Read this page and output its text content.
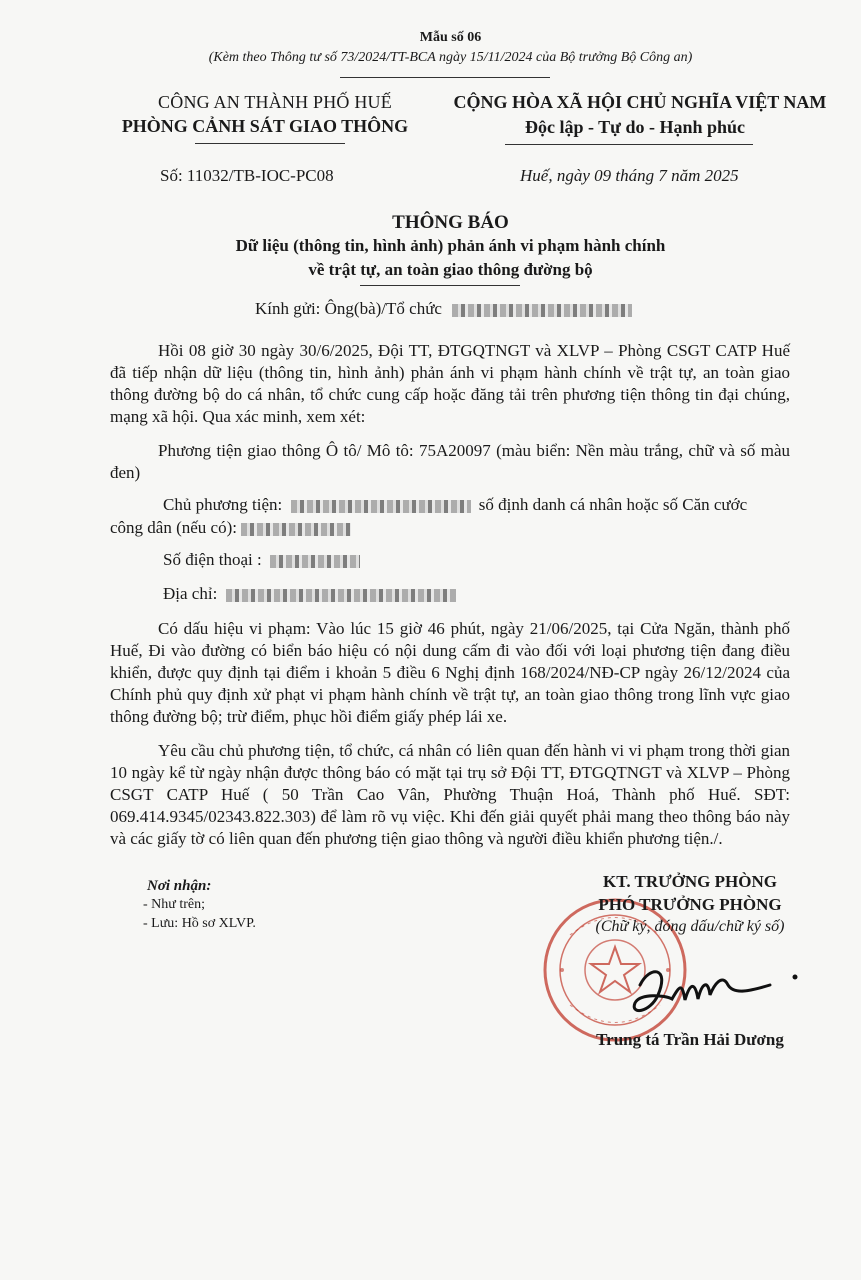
Mẫu số 06
(Kèm theo Thông tư số 73/2024/TT-BCA ngày 15/11/2024 của Bộ trưởng Bộ Công an)
CÔNG AN THÀNH PHỐ HUẾ
PHÒNG CẢNH SÁT GIAO THÔNG
CỘNG HÒA XÃ HỘI CHỦ NGHĨA VIỆT NAM
Độc lập - Tự do - Hạnh phúc
Số: 11032/TB-IOC-PC08	Huế, ngày 09 tháng 7 năm 2025
THÔNG BÁO
Dữ liệu (thông tin, hình ảnh) phản ánh vi phạm hành chính
về trật tự, an toàn giao thông đường bộ
Kính gửi: Ông(bà)/Tổ chức
Hồi 08 giờ 30 ngày 30/6/2025, Đội TT, ĐTGQTNGT và XLVP – Phòng CSGT CATP Huế đã tiếp nhận dữ liệu (thông tin, hình ảnh) phản ánh vi phạm hành chính về trật tự, an toàn giao thông đường bộ do cá nhân, tổ chức cung cấp hoặc đăng tải trên phương tiện thông tin đại chúng, mạng xã hội. Qua xác minh, xem xét:
Phương tiện giao thông Ô tô/ Mô tô: 75A20097 (màu biển: Nền màu trắng, chữ và số màu đen)
Chủ phương tiện:	số định danh cá nhân hoặc số Căn cước
công dân (nếu có):
Số điện thoại :
Địa chỉ:
Có dấu hiệu vi phạm: Vào lúc 15 giờ 46 phút, ngày 21/06/2025, tại Cửa Ngăn, thành phố Huế, Đi vào đường có biển báo hiệu có nội dung cấm đi vào đối với loại phương tiện đang điều khiển, được quy định tại điểm i khoản 5 điều 6 Nghị định 168/2024/NĐ-CP ngày 26/12/2024 của Chính phủ quy định xử phạt vi phạm hành chính về trật tự, an toàn giao thông trong lĩnh vực giao thông đường bộ; trừ điểm, phục hồi điểm giấy phép lái xe.
Yêu cầu chủ phương tiện, tổ chức, cá nhân có liên quan đến hành vi vi phạm trong thời gian 10 ngày kể từ ngày nhận được thông báo có mặt tại trụ sở Đội TT, ĐTGQTNGT và XLVP – Phòng CSGT CATP Huế ( 50 Trần Cao Vân, Phường Thuận Hoá, Thành phố Huế. SĐT: 069.414.9345/02343.822.303) để làm rõ vụ việc. Khi đến giải quyết phải mang theo thông báo này và các giấy tờ có liên quan đến phương tiện giao thông và người điều khiển phương tiện./.
Nơi nhận:
- Như trên;
- Lưu: Hồ sơ XLVP.
KT. TRƯỞNG PHÒNG
PHÓ TRƯỞNG PHÒNG
(Chữ ký, đóng dấu/chữ ký số)
Trung tá Trần Hải Dương
